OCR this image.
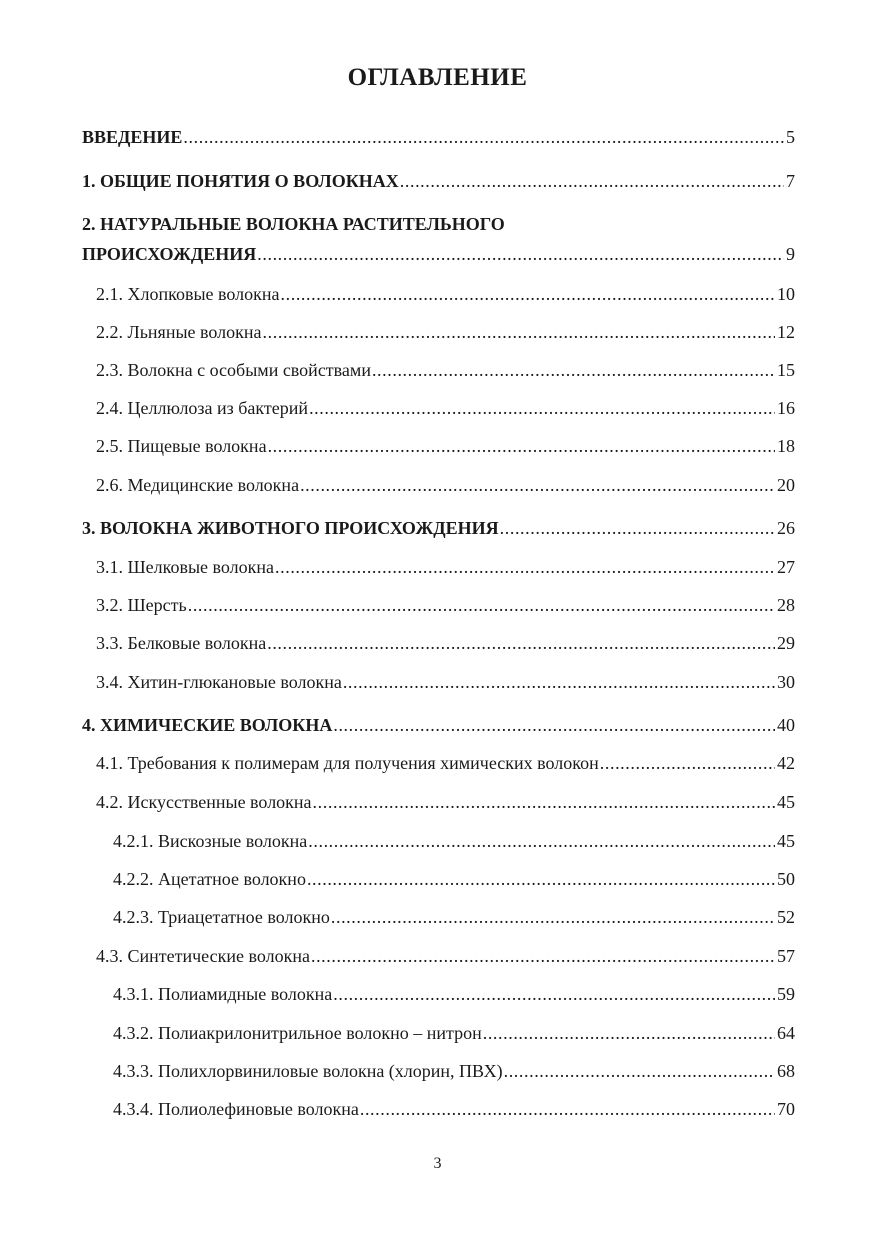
ОГЛАВЛЕНИЕ
ВВЕДЕНИЕ .....	5
1. ОБЩИЕ ПОНЯТИЯ О ВОЛОКНАХ .....	7
2. НАТУРАЛЬНЫЕ ВОЛОКНА РАСТИТЕЛЬНОГО
ПРОИСХОЖДЕНИЯ .....	9
2.1. Хлопковые волокна .....	10
2.2. Льняные волокна .....	12
2.3. Волокна с особыми свойствами .....	15
2.4. Целлюлоза из бактерий .....	16
2.5. Пищевые волокна .....	18
2.6. Медицинские волокна .....	20
3. ВОЛОКНА ЖИВОТНОГО ПРОИСХОЖДЕНИЯ .....	26
3.1. Шелковые волокна .....	27
3.2. Шерсть .....	28
3.3. Белковые волокна .....	29
3.4. Хитин-глюкановые волокна .....	30
4. ХИМИЧЕСКИЕ ВОЛОКНА .....	40
4.1. Требования к полимерам для получения химических волокон .....	42
4.2. Искусственные волокна .....	45
4.2.1. Вискозные волокна .....	45
4.2.2. Ацетатное волокно .....	50
4.2.3. Триацетатное волокно .....	52
4.3. Синтетические волокна .....	57
4.3.1. Полиамидные волокна .....	59
4.3.2. Полиакрилонитрильное волокно – нитрон .....	64
4.3.3. Полихлорвиниловые волокна (хлорин, ПВХ) .....	68
4.3.4. Полиолефиновые волокна .....	70
3
